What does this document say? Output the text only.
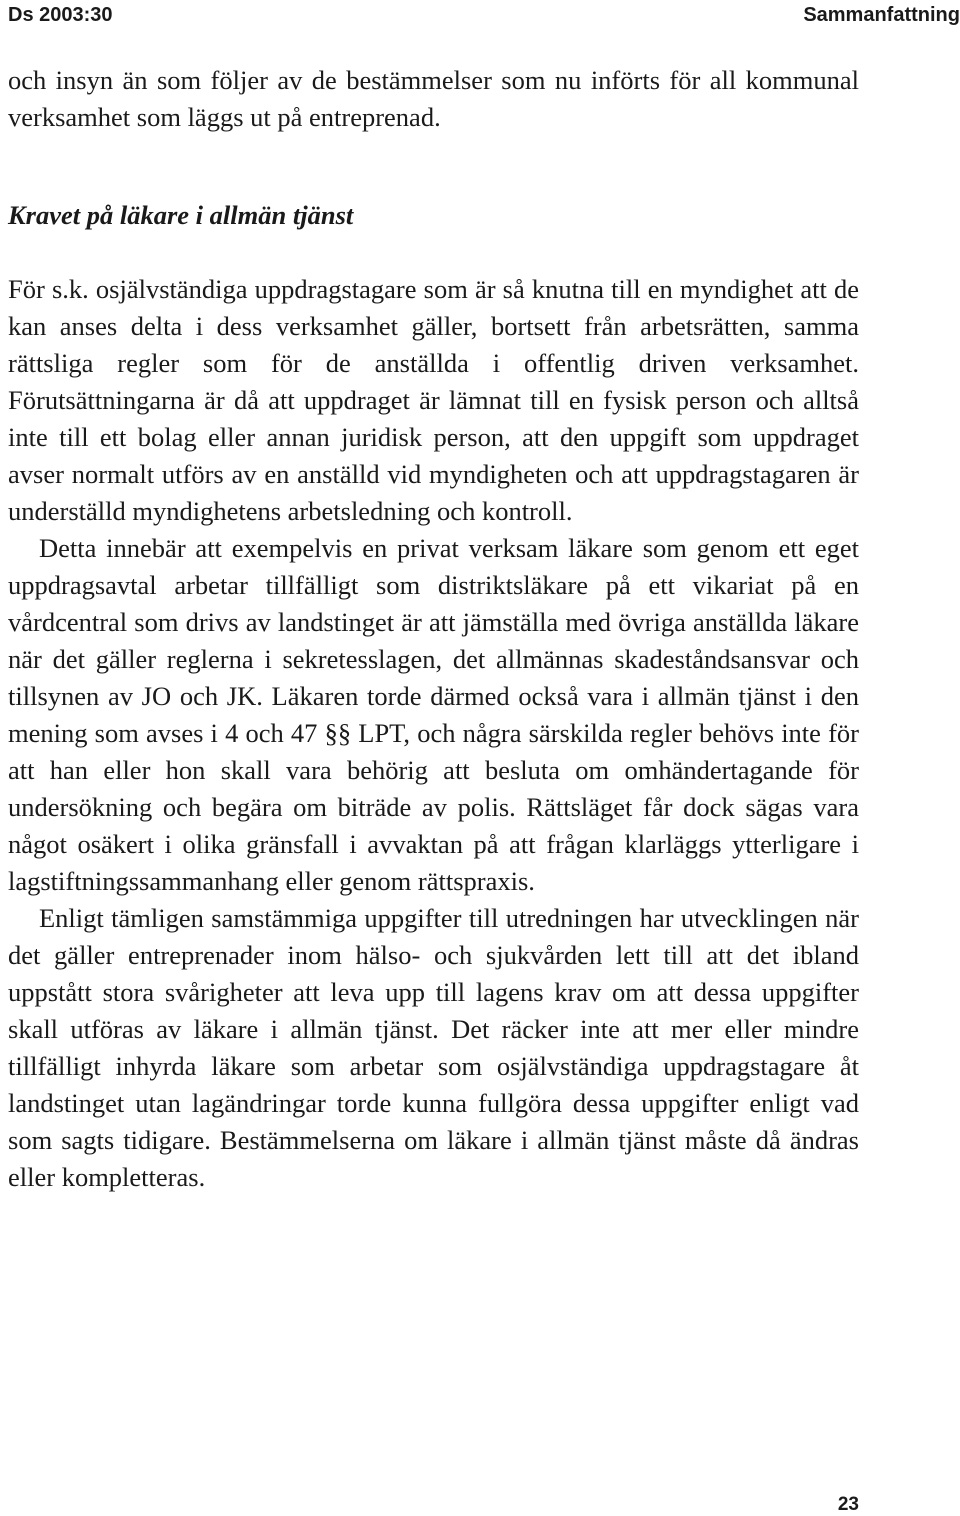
Ds 2003:30	Sammanfattning

och insyn än som följer av de bestämmelser som nu införts för all kommunal verksamhet som läggs ut på entreprenad.

Kravet på läkare i allmän tjänst

För s.k. osjälvständiga uppdragstagare som är så knutna till en myndighet att de kan anses delta i dess verksamhet gäller, bortsett från arbetsrätten, samma rättsliga regler som för de anställda i offentlig driven verksamhet. Förutsättningarna är då att uppdraget är lämnat till en fysisk person och alltså inte till ett bolag eller annan juridisk person, att den uppgift som uppdraget avser normalt utförs av en anställd vid myndigheten och att uppdragstagaren är underställd myndighetens arbetsledning och kontroll.

Detta innebär att exempelvis en privat verksam läkare som genom ett eget uppdragsavtal arbetar tillfälligt som distriktsläkare på ett vikariat på en vårdcentral som drivs av landstinget är att jämställa med övriga anställda läkare när det gäller reglerna i sekretesslagen, det allmännas skadeståndsansvar och tillsynen av JO och JK. Läkaren torde därmed också vara i allmän tjänst i den mening som avses i 4 och 47 §§ LPT, och några särskilda regler behövs inte för att han eller hon skall vara behörig att besluta om omhändertagande för undersökning och begära om biträde av polis. Rättsläget får dock sägas vara något osäkert i olika gränsfall i avvaktan på att frågan klarläggs ytterligare i lagstiftningssammanhang eller genom rättspraxis.

Enligt tämligen samstämmiga uppgifter till utredningen har utvecklingen när det gäller entreprenader inom hälso- och sjukvården lett till att det ibland uppstått stora svårigheter att leva upp till lagens krav om att dessa uppgifter skall utföras av läkare i allmän tjänst. Det räcker inte att mer eller mindre tillfälligt inhyrda läkare som arbetar som osjälvständiga uppdragstagare åt landstinget utan lagändringar torde kunna fullgöra dessa uppgifter enligt vad som sagts tidigare. Bestämmelserna om läkare i allmän tjänst måste då ändras eller kompletteras.

23
